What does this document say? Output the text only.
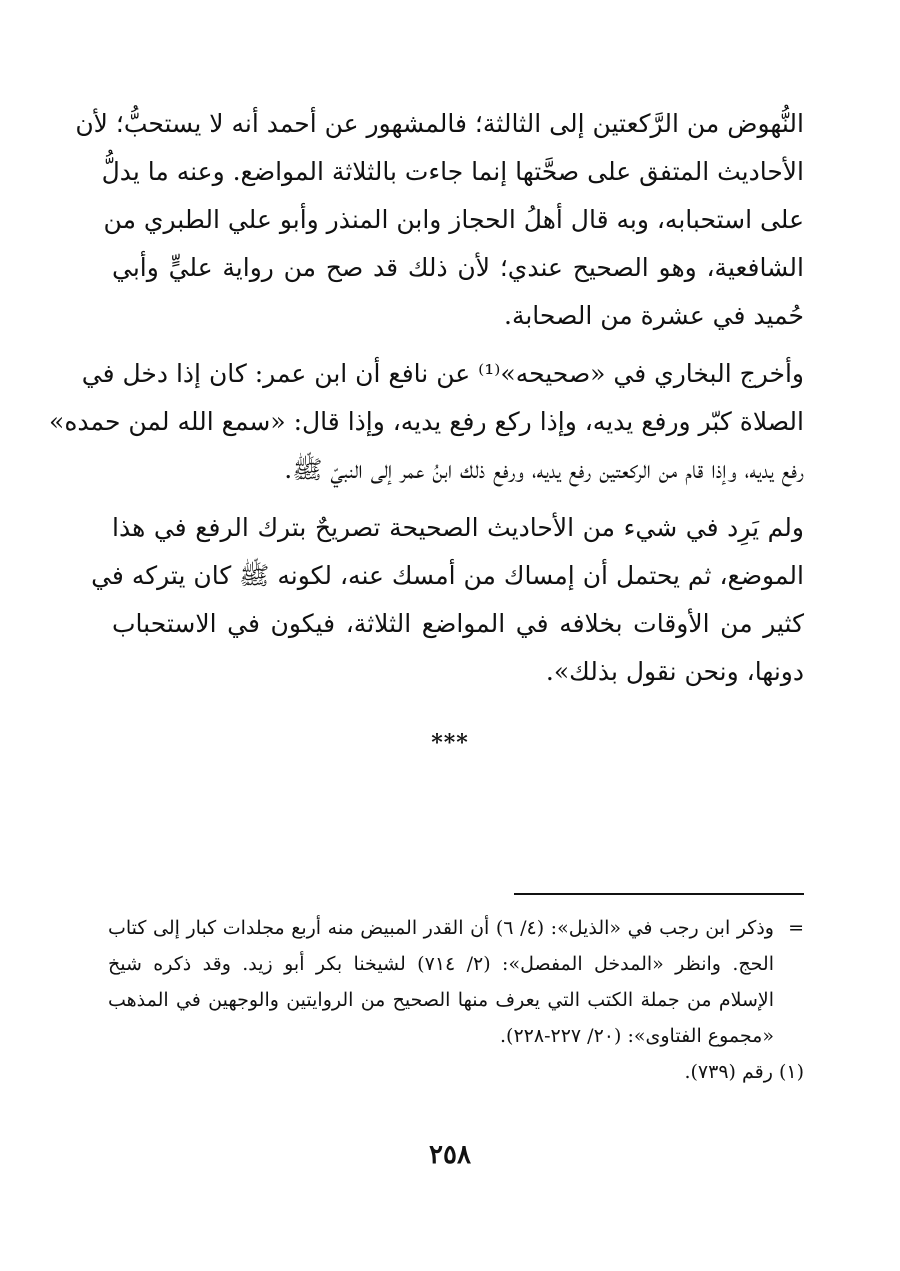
النُّهوض من الرَّكعتين إلى الثالثة؛ فالمشهور عن أحمد أنه لا يستحبُّ؛ لأن
الأحاديث المتفق على صحَّتها إنما جاءت بالثلاثة المواضع. وعنه ما يدلُّ
على استحبابه، وبه قال أهلُ الحجاز وابن المنذر وأبو علي الطبري من
الشافعية، وهو الصحيح عندي؛ لأن ذلك قد صح من رواية عليٍّ وأبي
حُميد في عشرة من الصحابة.

وأخرج البخاري في «صحيحه»⁽¹⁾ عن نافع أن ابن عمر: كان إذا دخل في
الصلاة كبّر ورفع يديه، وإذا ركع رفع يديه، وإذا قال: «سمع الله لمن حمده»
رفع يديه، وإذا قام من الركعتين رفع يديه، ورفع ذلك ابنُ عمر إلى النبيّ ﷺ.

ولم يَرِد في شيء من الأحاديث الصحيحة تصريحٌ بترك الرفع في هذا
الموضع، ثم يحتمل أن إمساك من أمسك عنه، لكونه ﷺ كان يتركه في
كثير من الأوقات بخلافه في المواضع الثلاثة، فيكون في الاستحباب
دونها، ونحن نقول بذلك».

***
=
وذكر ابن رجب في «الذيل»: (٤/ ٦) أن القدر المبيض منه أربع مجلدات كبار إلى كتاب
الحج. وانظر «المدخل المفصل»: (٢/ ٧١٤) لشيخنا بكر أبو زيد. وقد ذكره شيخ
الإسلام من جملة الكتب التي يعرف منها الصحيح من الروايتين والوجهين في المذهب
«مجموع الفتاوى»: (٢٠/ ٢٢٧-٢٢٨).
(١) رقم (٧٣٩).
٢٥٨
